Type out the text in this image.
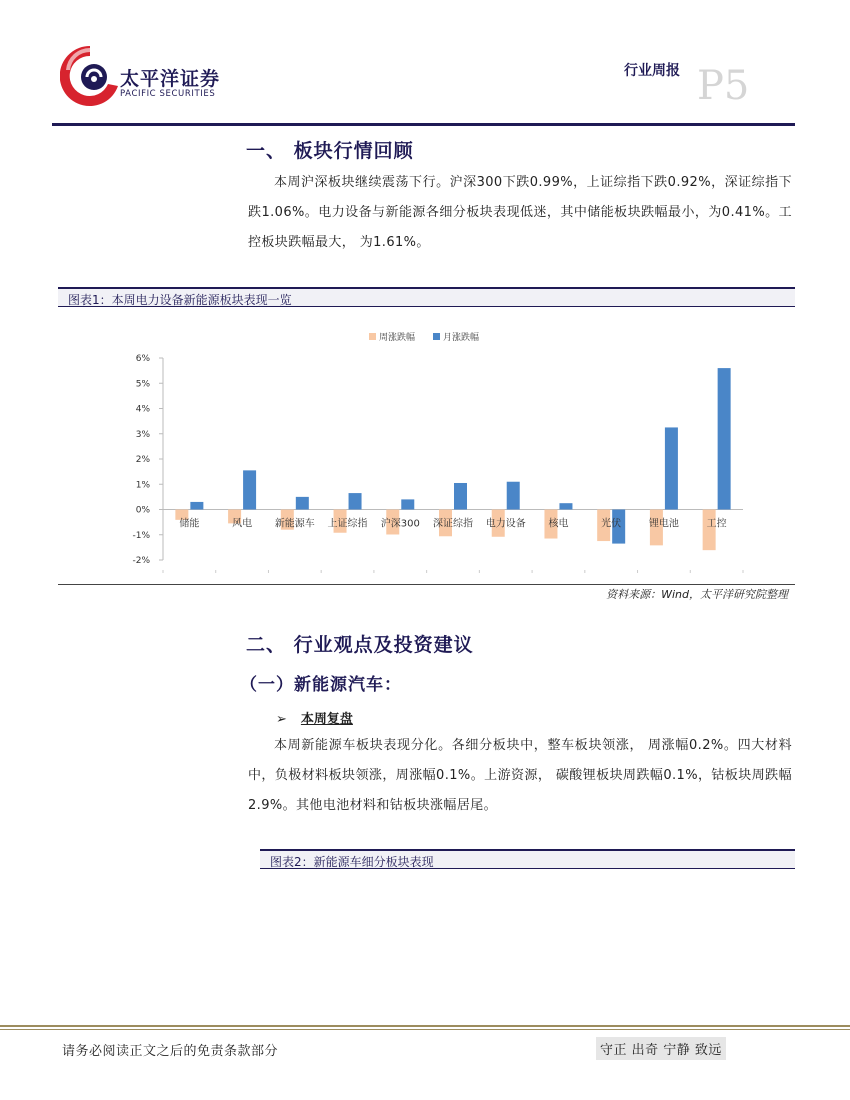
太平洋证券
PACIFIC SECURITIES
行业周报 P5
一、 板块行情回顾
本周沪深板块继续震荡下行。沪深300下跌0.99%，上证综指下跌0.92%，深证综指下跌1.06%。电力设备与新能源各细分板块表现低迷，其中储能板块跌幅最小，为0.41%。工控板块跌幅最大， 为1.61%。
图表1：本周电力设备新能源板块表现一览
周涨跌幅	月涨跌幅
-2%
-1%
0%
1%
2%
3%
4%
5%
6%
储能	风电 新能源车 上证综指 沪深300 深证综指 电力设备 核电	光伏	锂电池	工控
资料来源：Wind，太平洋研究院整理
二、 行业观点及投资建议
（一）新能源汽车：
➢ 本周复盘
本周新能源车板块表现分化。各细分板块中，整车板块领涨， 周涨幅0.2%。四大材料中，负极材料板块领涨，周涨幅0.1%。上游资源， 碳酸锂板块周跌幅0.1%，钴板块周跌幅2.9%。其他电池材料和钴板块涨幅居尾。
图表2：新能源车细分板块表现
请务必阅读正文之后的免责条款部分	守正 出奇 宁静 致远
